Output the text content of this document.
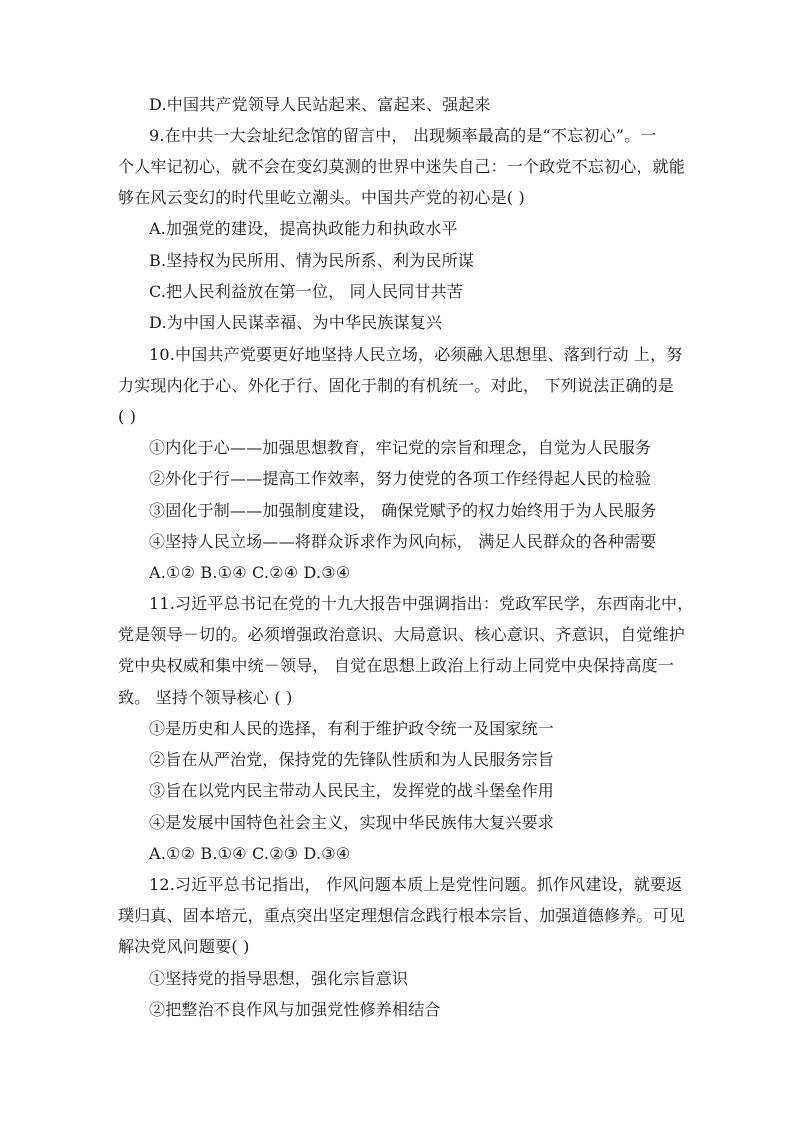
D.中国共产党领导人民站起来、富起来、强起来
9.在中共一大会址纪念馆的留言中， 出现频率最高的是“不忘初心”。一
个人牢记初心，就不会在变幻莫测的世界中迷失自己：一个政党不忘初心，就能
够在风云变幻的时代里屹立潮头。中国共产党的初心是( )
A.加强党的建设，提高执政能力和执政水平
B.坚持权为民所用、情为民所系、利为民所谋
C.把人民利益放在第一位， 同人民同甘共苦
D.为中国人民谋幸福、为中华民族谋复兴
10.中国共产党要更好地坚持人民立场，必须融入思想里、落到行动 上，努
力实现内化于心、外化于行、固化于制的有机统一。对此， 下列说法正确的是
( )
①内化于心——加强思想教育，牢记党的宗旨和理念，自觉为人民服务
②外化于行——提高工作效率，努力使党的各项工作经得起人民的检验
③固化于制——加强制度建设， 确保党赋予的权力始终用于为人民服务
④坚持人民立场——将群众诉求作为风向标， 满足人民群众的各种需要
A.①② B.①④ C.②④ D.③④
11.习近平总书记在党的十九大报告中强调指出：党政军民学，东西南北中，
党是领导－切的。必须增强政治意识、大局意识、核心意识、齐意识，自觉维护
党中央权威和集中统－领导， 自觉在思想上政治上行动上同党中央保持高度一
致。 坚持个领导核心 ( )
①是历史和人民的选择，有利于维护政令统一及国家统一
②旨在从严治党，保持党的先锋队性质和为人民服务宗旨
③旨在以党内民主带动人民民主，发挥党的战斗堡垒作用
④是发展中国特色社会主义，实现中华民族伟大复兴要求
A.①② B.①④ C.②③ D.③④
12.习近平总书记指出， 作风问题本质上是党性问题。抓作风建设，就要返
璞归真、固本培元，重点突出坚定理想信念践行根本宗旨、加强道德修养。可见
解决党风问题要( )
①坚持党的指导思想，强化宗旨意识
②把整治不良作风与加强党性修养相结合
